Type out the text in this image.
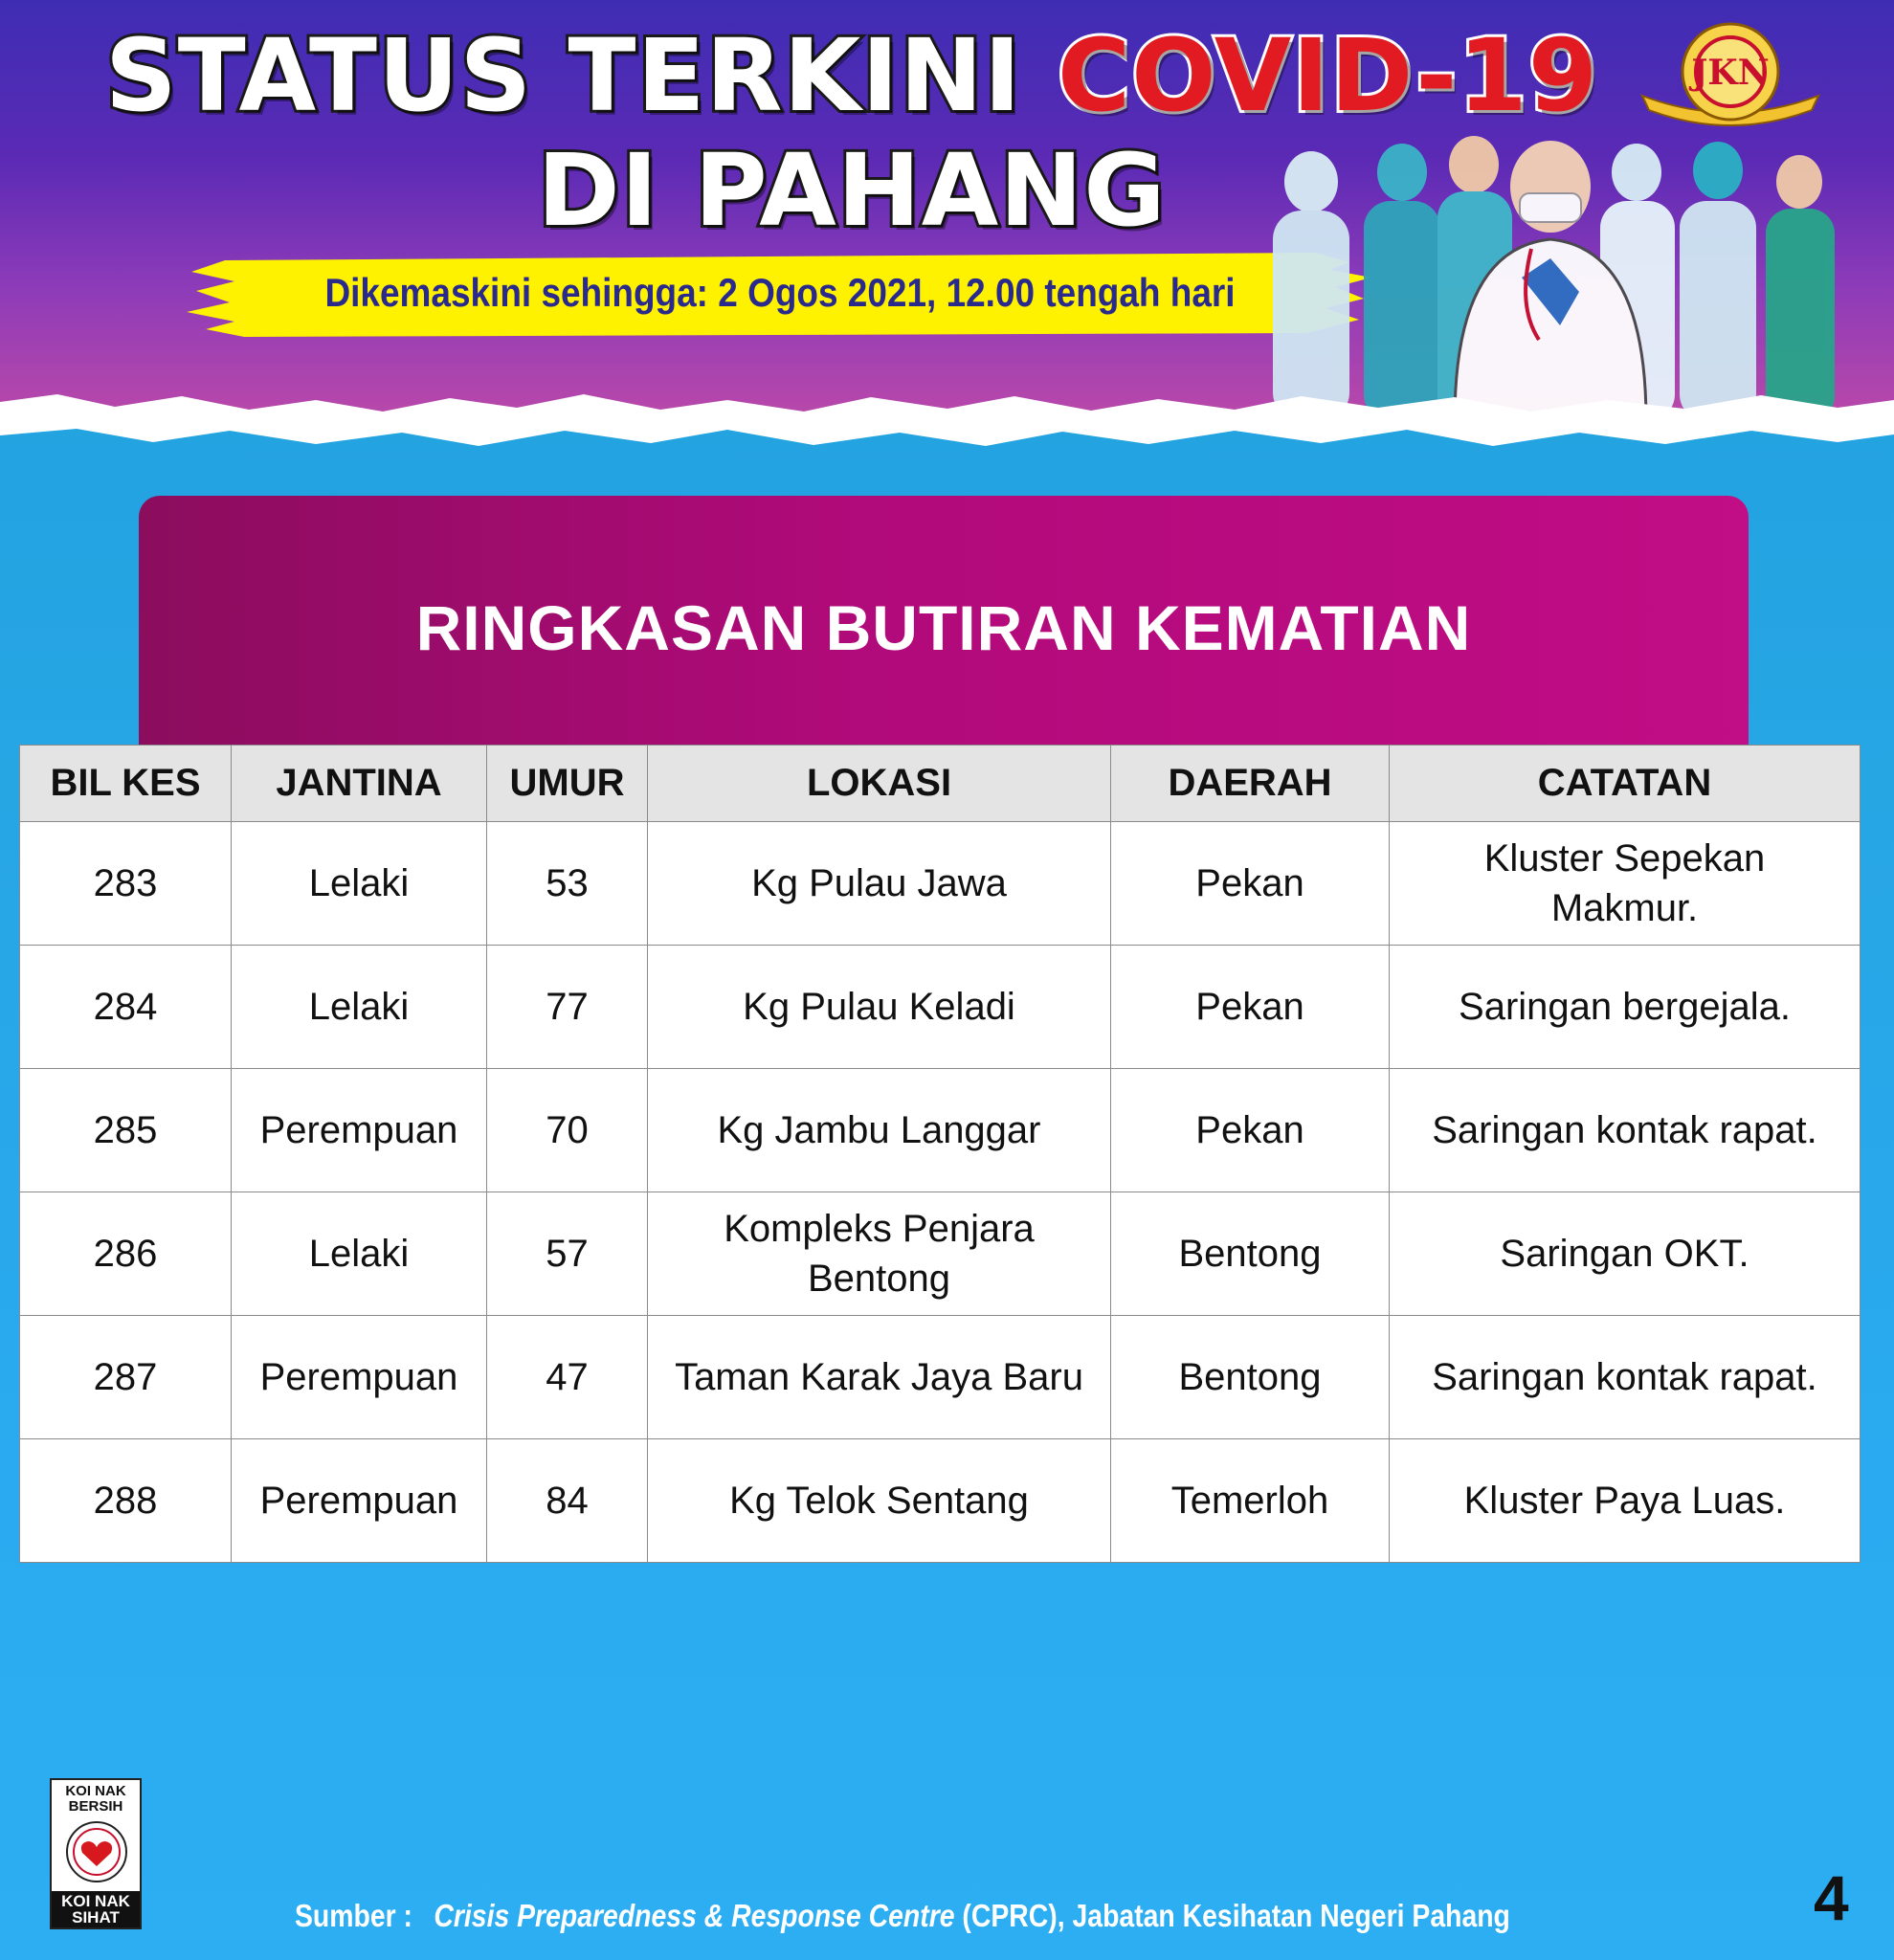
STATUS TERKINI COVID-19
DI PAHANG
Dikemaskini sehingga: 2 Ogos 2021, 12.00 tengah hari
JKN
RINGKASAN BUTIRAN KEMATIAN
BIL KES	JANTINA	UMUR	LOKASI	DAERAH	CATATAN
283	Lelaki	53	Kg Pulau Jawa	Pekan	Kluster Sepekan Makmur.
284	Lelaki	77	Kg Pulau Keladi	Pekan	Saringan bergejala.
285	Perempuan	70	Kg Jambu Langgar	Pekan	Saringan kontak rapat.
286	Lelaki	57	Kompleks Penjara Bentong	Bentong	Saringan OKT.
287	Perempuan	47	Taman Karak Jaya Baru	Bentong	Saringan kontak rapat.
288	Perempuan	84	Kg Telok Sentang	Temerloh	Kluster Paya Luas.
KOI NAK BERSIH
KOI NAK SIHAT	Sumber : Crisis Preparedness & Response Centre (CPRC), Jabatan Kesihatan Negeri Pahang	4
